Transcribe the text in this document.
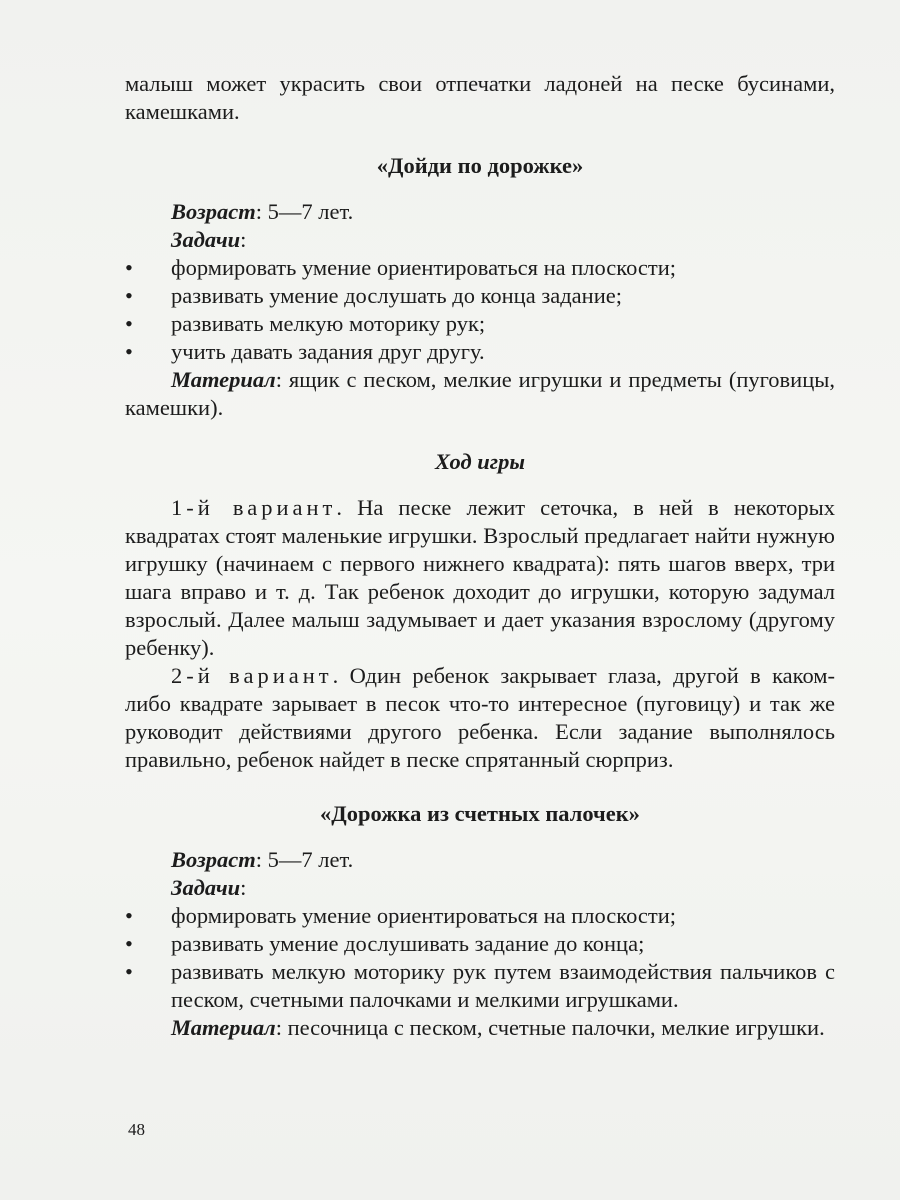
малыш может украсить свои отпечатки ладоней на песке бусинами, камешками.

«Дойди по дорожке»

Возраст: 5—7 лет.

Задачи:

•	формировать умение ориентироваться на плоскости;
•	развивать умение дослушать до конца задание;
•	развивать мелкую моторику рук;
•	учить давать задания друг другу.

Материал: ящик с песком, мелкие игрушки и предметы (пуговицы, камешки).

Ход игры

1-й вариант. На песке лежит сеточка, в ней в некоторых квадратах стоят маленькие игрушки. Взрослый предлагает найти нужную игрушку (начинаем с первого нижнего квадрата): пять шагов вверх, три шага вправо и т. д. Так ребенок доходит до игрушки, которую задумал взрослый. Далее малыш задумывает и дает указания взрослому (другому ребенку).

2-й вариант. Один ребенок закрывает глаза, другой в каком-либо квадрате зарывает в песок что-то интересное (пуговицу) и так же руководит действиями другого ребенка. Если задание выполнялось правильно, ребенок найдет в песке спрятанный сюрприз.

«Дорожка из счетных палочек»

Возраст: 5—7 лет.

Задачи:

•	формировать умение ориентироваться на плоскости;
•	развивать умение дослушивать задание до конца;
•	развивать мелкую моторику рук путем взаимодействия пальчиков с песком, счетными палочками и мелкими игрушками.

Материал: песочница с песком, счетные палочки, мелкие игрушки.

48
